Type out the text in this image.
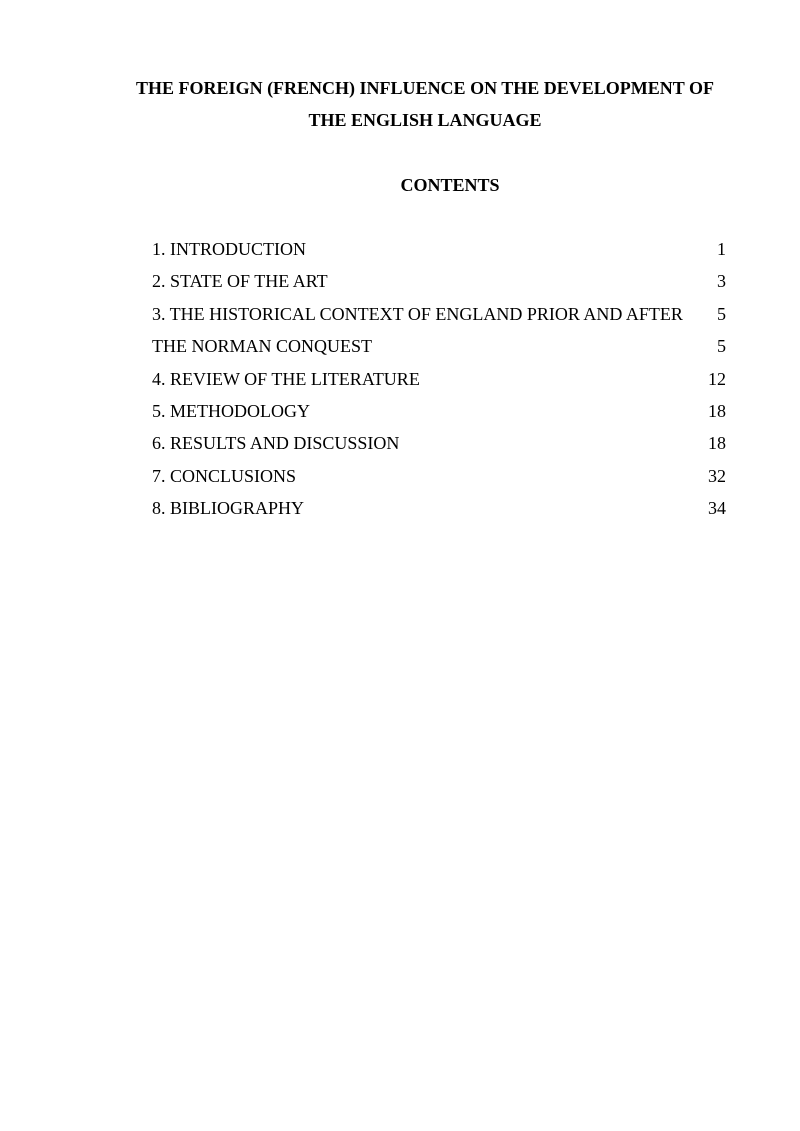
THE FOREIGN (FRENCH) INFLUENCE ON THE DEVELOPMENT OF
THE ENGLISH LANGUAGE
CONTENTS
1. INTRODUCTION	1
2. STATE OF THE ART	3
3. THE HISTORICAL CONTEXT OF ENGLAND PRIOR AND AFTER	5
THE NORMAN CONQUEST	5
4. REVIEW OF THE LITERATURE	12
5. METHODOLOGY	18
6. RESULTS AND DISCUSSION	18
7. CONCLUSIONS	32
8. BIBLIOGRAPHY	34
